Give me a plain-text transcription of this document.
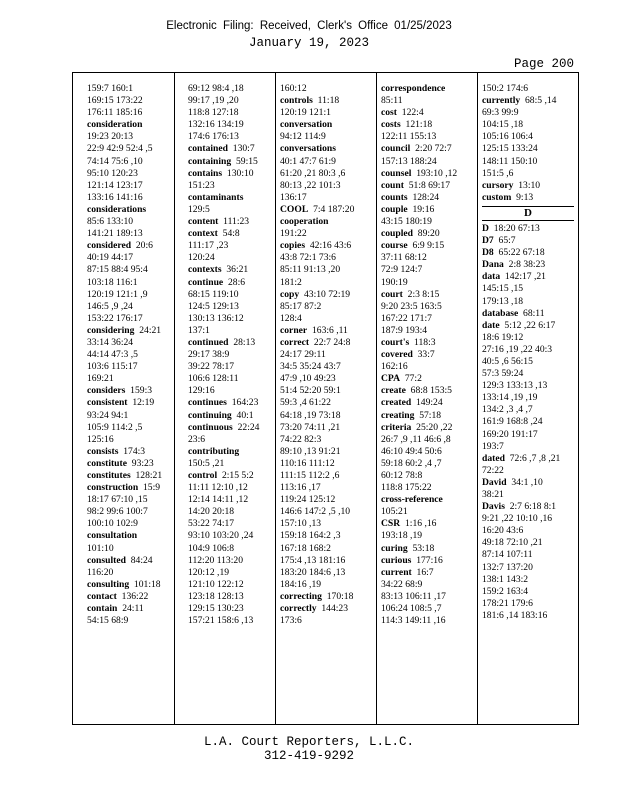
Electronic Filing: Received, Clerk's Office 01/25/2023
January 19, 2023
Page 200
159:7 160:1
169:15 173:22
176:11 185:16
consideration
19:23 20:13
22:9 42:9 52:4 ,5
74:14 75:6 ,10
95:10 120:23
121:14 123:17
133:16 141:16
considerations
85:6 133:10
141:21 189:13
considered 20:6
40:19 44:17
87:15 88:4 95:4
103:18 116:1
120:19 121:1 ,9
146:5 ,9 ,24
153:22 176:17
considering 24:21
33:14 36:24
44:14 47:3 ,5
103:6 115:17
169:21
considers 159:3
consistent 12:19
93:24 94:1
105:9 114:2 ,5
125:16
consists 174:3
constitute 93:23
constitutes 128:21
construction 15:9
18:17 67:10 ,15
98:2 99:6 100:7
100:10 102:9
consultation
101:10
consulted 84:24
116:20
consulting 101:18
contact 136:22
contain 24:11
54:15 68:9
69:12 98:4 ,18
99:17 ,19 ,20
118:8 127:18
132:16 134:19
174:6 176:13
contained 130:7
containing 59:15
contains 130:10
151:23
contaminants
129:5
content 111:23
context 54:8
111:17 ,23
120:24
contexts 36:21
continue 28:6
68:15 119:10
124:5 129:13
130:13 136:12
137:1
continued 28:13
29:17 38:9
39:22 78:17
106:6 128:11
129:16
continues 164:23
continuing 40:1
continuous 22:24
23:6
contributing
150:5 ,21
control 2:15 5:2
11:11 12:10 ,12
12:14 14:11 ,12
14:20 20:18
53:22 74:17
93:10 103:20 ,24
104:9 106:8
112:20 113:20
120:12 ,19
121:10 122:12
123:18 128:13
129:15 130:23
157:21 158:6 ,13
160:12
controls 11:18
120:19 121:1
conversation
94:12 114:9
conversations
40:1 47:7 61:9
61:20 ,21 80:3 ,6
80:13 ,22 101:3
136:17
COOL 7:4 187:20
cooperation
191:22
copies 42:16 43:6
43:8 72:1 73:6
85:11 91:13 ,20
181:2
copy 43:10 72:19
85:17 87:2
128:4
corner 163:6 ,11
correct 22:7 24:8
24:17 29:11
34:5 35:24 43:7
47:9 ,10 49:23
51:4 52:20 59:1
59:3 ,4 61:22
64:18 ,19 73:18
73:20 74:11 ,21
74:22 82:3
89:10 ,13 91:21
110:16 111:12
111:15 112:2 ,6
113:16 ,17
119:24 125:12
146:6 147:2 ,5 ,10
157:10 ,13
159:18 164:2 ,3
167:18 168:2
175:4 ,13 181:16
183:20 184:6 ,13
184:16 ,19
correcting 170:18
correctly 144:23
173:6
correspondence
85:11
cost 122:4
costs 121:18
122:11 155:13
council 2:20 72:7
157:13 188:24
counsel 193:10 ,12
count 51:8 69:17
counts 128:24
couple 19:16
43:15 180:19
coupled 89:20
course 6:9 9:15
37:11 68:12
72:9 124:7
190:19
court 2:3 8:15
9:20 23:5 163:5
167:22 171:7
187:9 193:4
court's 118:3
covered 33:7
162:16
CPA 77:2
create 68:8 153:5
created 149:24
creating 57:18
criteria 25:20 ,22
26:7 ,9 ,11 46:6 ,8
46:10 49:4 50:6
59:18 60:2 ,4 ,7
60:12 78:8
118:8 175:22
cross-reference
105:21
CSR 1:16 ,16
193:18 ,19
curing 53:18
curious 177:16
current 16:7
34:22 68:9
83:13 106:11 ,17
106:24 108:5 ,7
114:3 149:11 ,16
150:2 174:6
currently 68:5 ,14
69:3 99:9
104:15 ,18
105:16 106:4
125:15 133:24
148:11 150:10
151:5 ,6
cursory 13:10
custom 9:13
D
D 18:20 67:13
D7 65:7
D8 65:22 67:18
Dana 2:8 38:23
data 142:17 ,21
145:15 ,15
179:13 ,18
database 68:11
date 5:12 ,22 6:17
18:6 19:12
27:16 ,19 ,22 40:3
40:5 ,6 56:15
57:3 59:24
129:3 133:13 ,13
133:14 ,19 ,19
134:2 ,3 ,4 ,7
161:9 168:8 ,24
169:20 191:17
193:7
dated 72:6 ,7 ,8 ,21
72:22
David 34:1 ,10
38:21
Davis 2:7 6:18 8:1
9:21 ,22 10:10 ,16
16:20 43:6
49:18 72:10 ,21
87:14 107:11
132:7 137:20
138:1 143:2
159:2 163:4
178:21 179:6
181:6 ,14 183:16
L.A. Court Reporters, L.L.C.
312-419-9292
